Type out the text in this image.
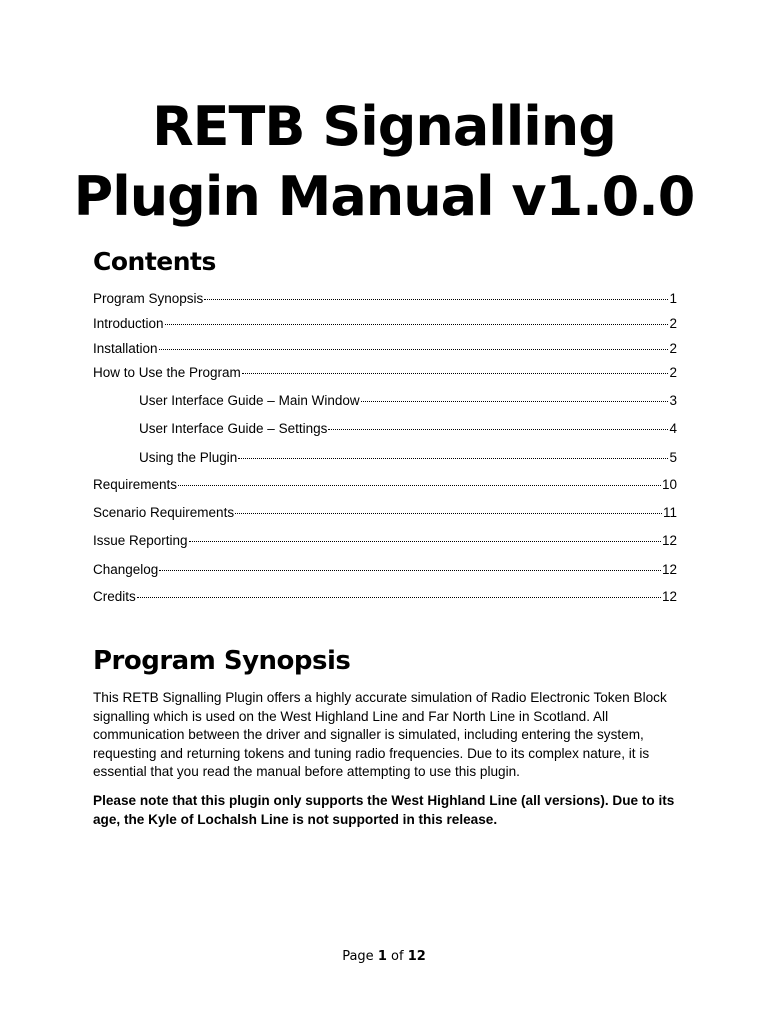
RETB Signalling
Plugin Manual v1.0.0
Contents
Program Synopsis	1
Introduction	2
Installation	2
How to Use the Program	2
User Interface Guide – Main Window	3
User Interface Guide – Settings	4
Using the Plugin	5
Requirements	10
Scenario Requirements	11
Issue Reporting	12
Changelog	12
Credits	12
Program Synopsis
This RETB Signalling Plugin offers a highly accurate simulation of Radio Electronic Token Block signalling which is used on the West Highland Line and Far North Line in Scotland. All communication between the driver and signaller is simulated, including entering the system, requesting and returning tokens and tuning radio frequencies. Due to its complex nature, it is essential that you read the manual before attempting to use this plugin.
Please note that this plugin only supports the West Highland Line (all versions). Due to its age, the Kyle of Lochalsh Line is not supported in this release.
Page 1 of 12
